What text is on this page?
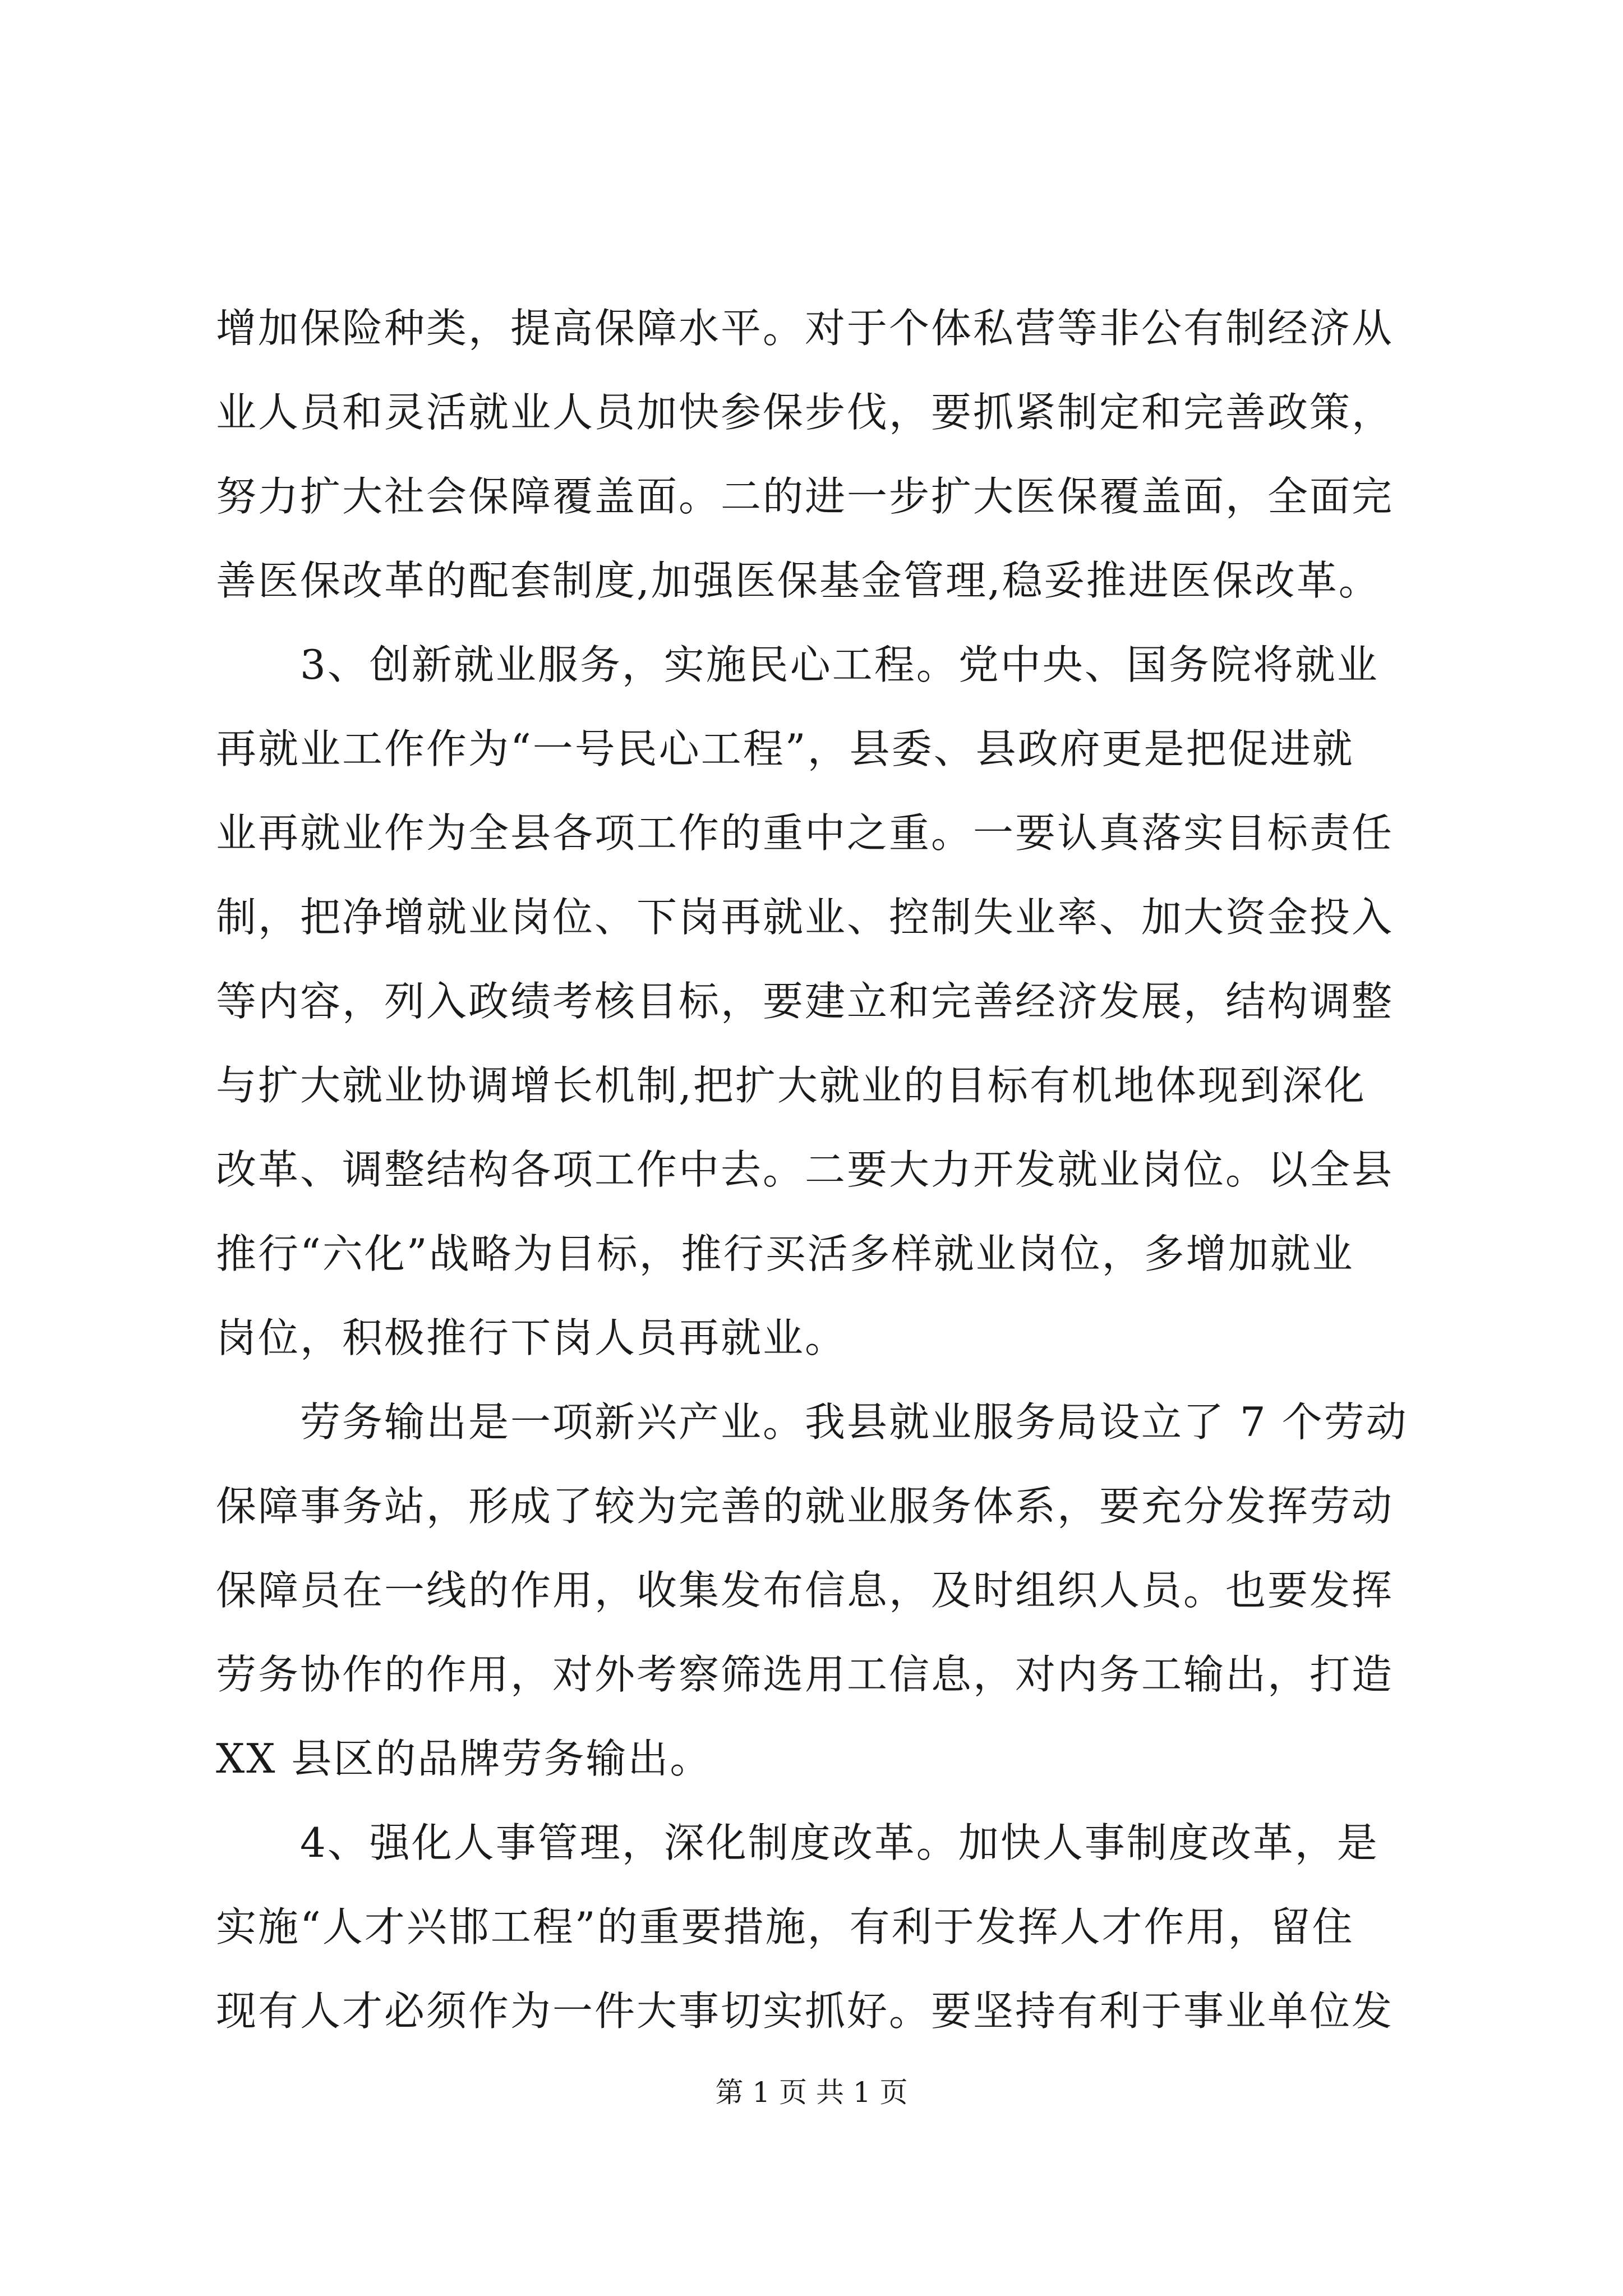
增加保险种类，提高保障水平。对于个体私营等非公有制经济从
业人员和灵活就业人员加快参保步伐，要抓紧制定和完善政策，
努力扩大社会保障覆盖面。二的进一步扩大医保覆盖面，全面完
善医保改革的配套制度,加强医保基金管理,稳妥推进医保改革。
3、创新就业服务，实施民心工程。党中央、国务院将就业
再就业工作作为“一号民心工程”，县委、县政府更是把促进就
业再就业作为全县各项工作的重中之重。一要认真落实目标责任
制，把净增就业岗位、下岗再就业、控制失业率、加大资金投入
等内容，列入政绩考核目标，要建立和完善经济发展，结构调整
与扩大就业协调增长机制,把扩大就业的目标有机地体现到深化
改革、调整结构各项工作中去。二要大力开发就业岗位。以全县
推行“六化”战略为目标，推行买活多样就业岗位，多增加就业
岗位，积极推行下岗人员再就业。
劳务输出是一项新兴产业。我县就业服务局设立了 7 个劳动
保障事务站，形成了较为完善的就业服务体系，要充分发挥劳动
保障员在一线的作用，收集发布信息，及时组织人员。也要发挥
劳务协作的作用，对外考察筛选用工信息，对内务工输出，打造
XX 县区的品牌劳务输出。
4、强化人事管理，深化制度改革。加快人事制度改革，是
实施“人才兴邯工程”的重要措施，有利于发挥人才作用，留住
现有人才必须作为一件大事切实抓好。要坚持有利于事业单位发
第 1 页 共 1 页
